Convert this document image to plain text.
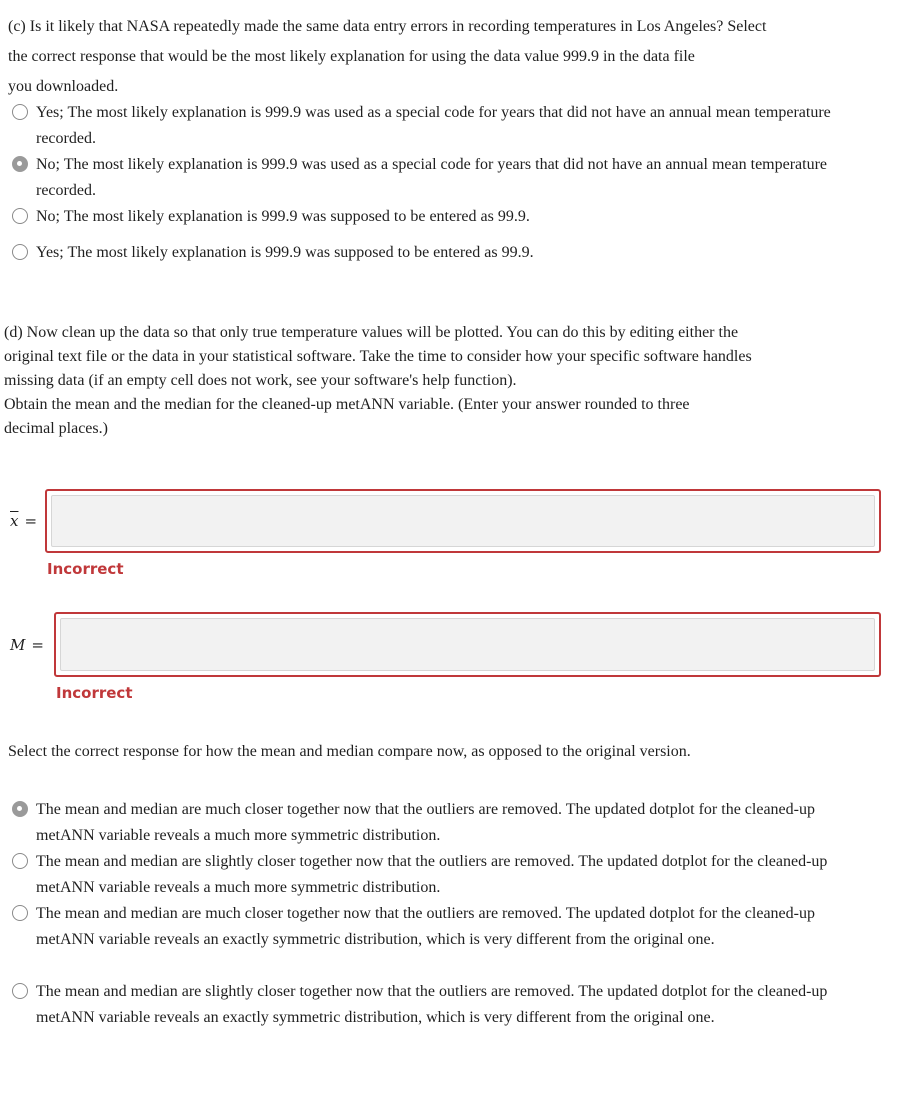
(c) Is it likely that NASA repeatedly made the same data entry errors in recording temperatures in Los Angeles? Select
the correct response that would be the most likely explanation for using the data value 999.9 in the data file
you downloaded.
Yes; The most likely explanation is 999.9 was used as a special code for years that did not have an annual mean temperature recorded.
No; The most likely explanation is 999.9 was used as a special code for years that did not have an annual mean temperature recorded.
No; The most likely explanation is 999.9 was supposed to be entered as 99.9.
Yes; The most likely explanation is 999.9 was supposed to be entered as 99.9.
(d) Now clean up the data so that only true temperature values will be plotted. You can do this by editing either the
original text file or the data in your statistical software. Take the time to consider how your specific software handles
missing data (if an empty cell does not work, see your software's help function).
Obtain the mean and the median for the cleaned-up metANN variable. (Enter your answer rounded to three
decimal places.)
$\overline{x}$ =
Incorrect
M =
Incorrect
Select the correct response for how the mean and median compare now, as opposed to the original version.
The mean and median are much closer together now that the outliers are removed. The updated dotplot for the cleaned-up metANN variable reveals a much more symmetric distribution.
The mean and median are slightly closer together now that the outliers are removed. The updated dotplot for the cleaned-up metANN variable reveals a much more symmetric distribution.
The mean and median are much closer together now that the outliers are removed. The updated dotplot for the cleaned-up metANN variable reveals an exactly symmetric distribution, which is very different from the original one.
The mean and median are slightly closer together now that the outliers are removed. The updated dotplot for the cleaned-up metANN variable reveals an exactly symmetric distribution, which is very different from the original one.
